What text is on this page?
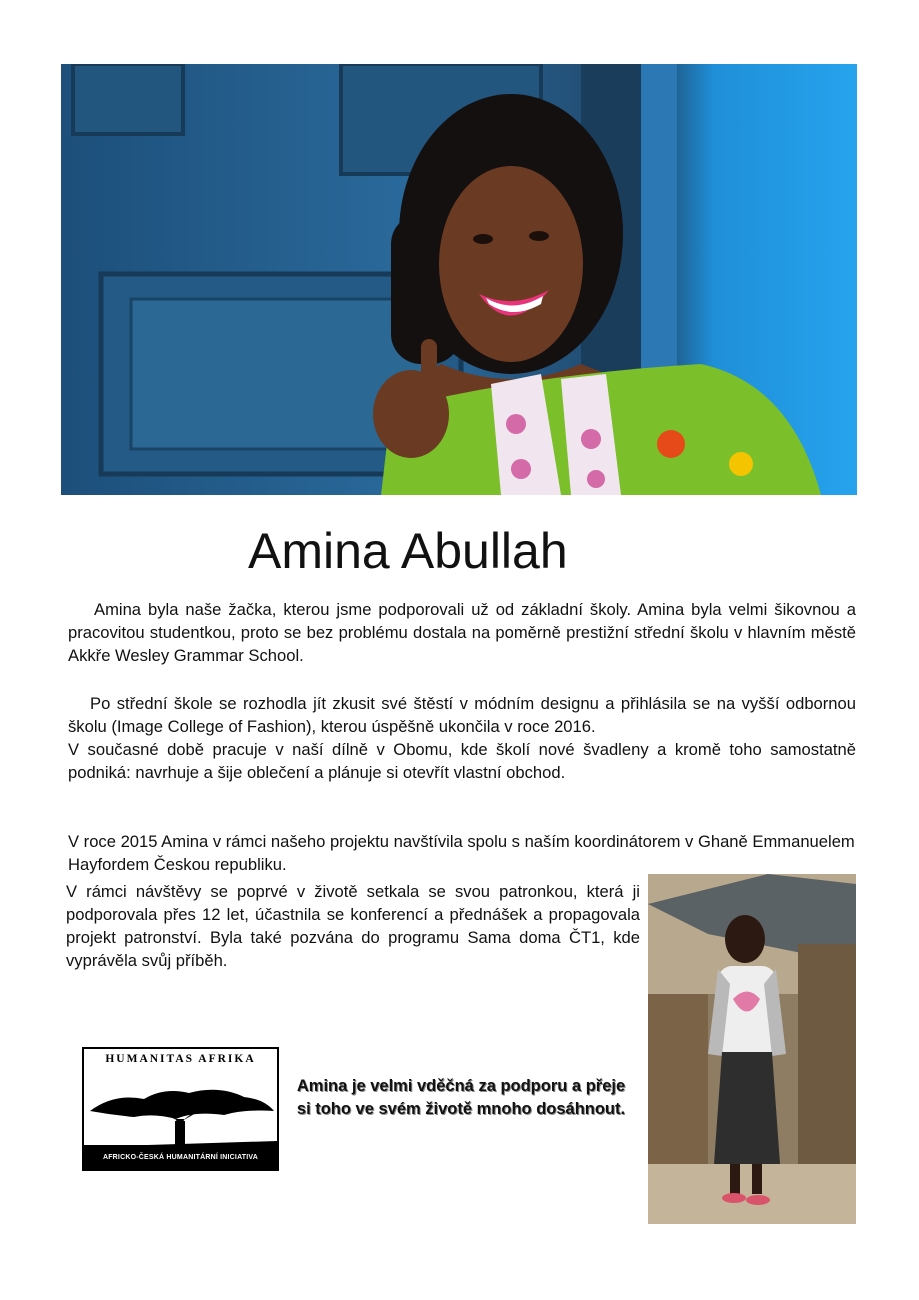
Amina Abullah
Amina byla naše žačka, kterou jsme podporovali už od základní školy. Amina byla velmi šikovnou a pracovitou studentkou, proto se bez problému dostala na poměrně prestižní střední školu v hlavním městě Akkře Wesley Grammar School.
Po střední škole se rozhodla jít zkusit své štěstí v módním designu a přihlásila se na vyšší odbornou školu (Image College of Fashion), kterou úspěšně ukončila v roce 2016.
V současné době pracuje v naší dílně v Obomu, kde školí nové švadleny a kromě toho samostatně podniká: navrhuje a šije oblečení a plánuje si otevřít vlastní obchod.
V roce 2015 Amina v rámci našeho projektu navštívila spolu s naším koordinátorem v Ghaně Emmanuelem Hayfordem Českou republiku.
V rámci návštěvy se poprvé v životě setkala se svou patronkou, která ji podporovala přes 12 let, účastnila se konferencí a přednášek a propagovala projekt patronství. Byla také pozvána do programu Sama doma ČT1, kde vyprávěla svůj příběh.
HUMANITAS AFRIKA
AFRICKO-ČESKÁ HUMANITÁRNÍ INICIATIVA
Amina je velmi vděčná za podporu a přeje si toho ve svém životě mnoho dosáhnout.
